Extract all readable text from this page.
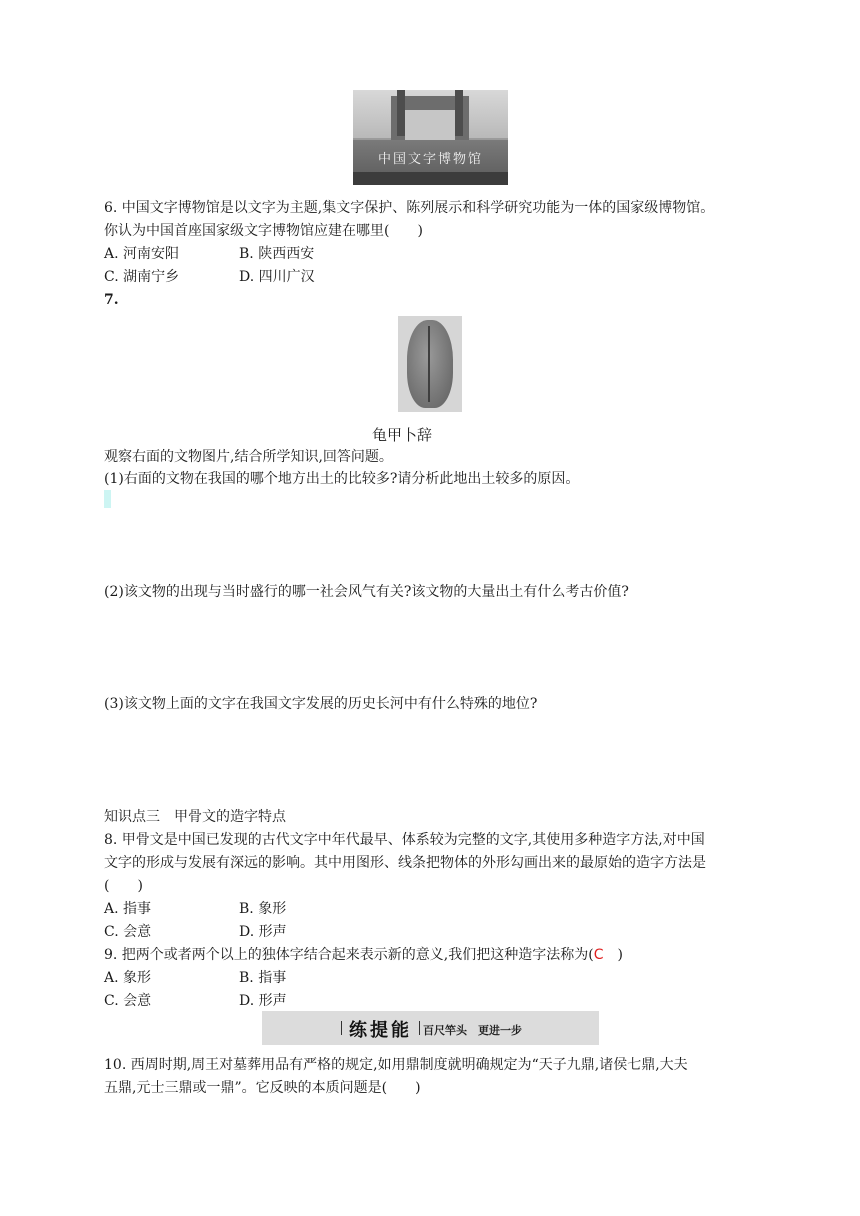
中国文字博物馆
6. 中国文字博物馆是以文字为主题,集文字保护、陈列展示和科学研究功能为一体的国家级博物馆。
你认为中国首座国家级文字博物馆应建在哪里(　　)
A. 河南安阳	B. 陕西西安
C. 湖南宁乡	D. 四川广汉
7.
龟甲卜辞
观察右面的文物图片,结合所学知识,回答问题。
(1)右面的文物在我国的哪个地方出土的比较多?请分析此地出土较多的原因。
(2)该文物的出现与当时盛行的哪一社会风气有关?该文物的大量出土有什么考古价值?
(3)该文物上面的文字在我国文字发展的历史长河中有什么特殊的地位?
知识点三　甲骨文的造字特点
8. 甲骨文是中国已发现的古代文字中年代最早、体系较为完整的文字,其使用多种造字方法,对中国
文字的形成与发展有深远的影响。其中用图形、线条把物体的外形勾画出来的最原始的造字方法是
(　　)
A. 指事	B. 象形
C. 会意	D. 形声
9. 把两个或者两个以上的独体字结合起来表示新的意义,我们把这种造字法称为(C　)
A. 象形	B. 指事
C. 会意	D. 形声
练提能 百尺竿头　更进一步
10. 西周时期,周王对墓葬用品有严格的规定,如用鼎制度就明确规定为“天子九鼎,诸侯七鼎,大夫
五鼎,元士三鼎或一鼎”。它反映的本质问题是(　　)
